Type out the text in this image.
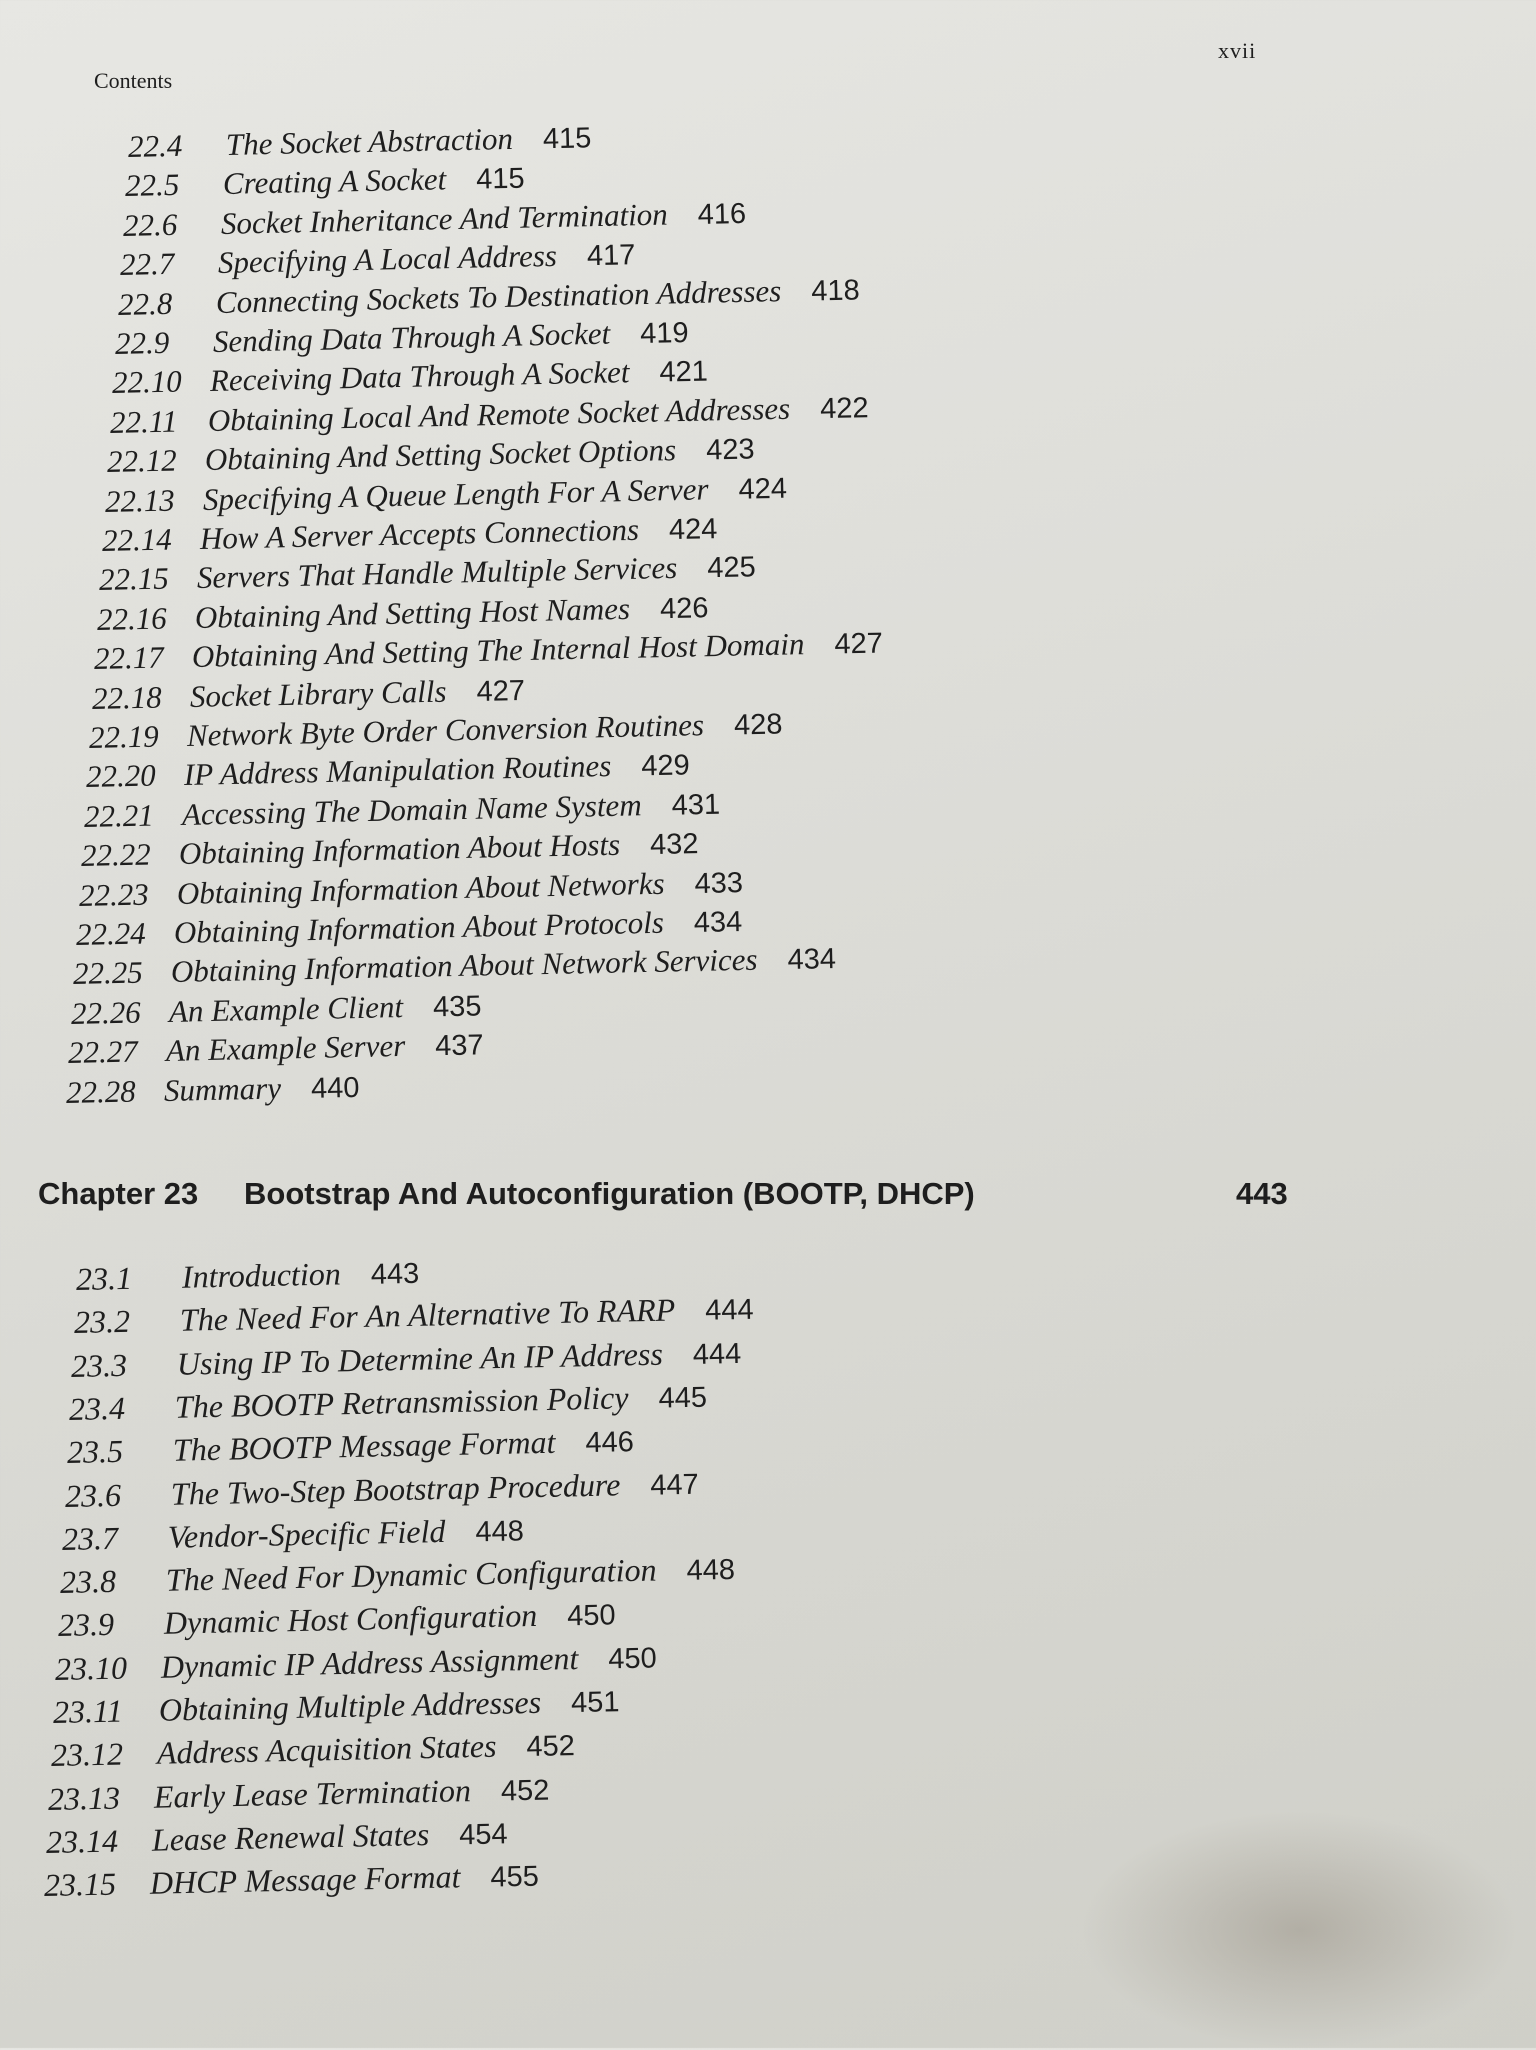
Contents
xvii
22.4 The Socket Abstraction 415
22.5 Creating A Socket 415
22.6 Socket Inheritance And Termination 416
22.7 Specifying A Local Address 417
22.8 Connecting Sockets To Destination Addresses 418
22.9 Sending Data Through A Socket 419
22.10 Receiving Data Through A Socket 421
22.11 Obtaining Local And Remote Socket Addresses 422
22.12 Obtaining And Setting Socket Options 423
22.13 Specifying A Queue Length For A Server 424
22.14 How A Server Accepts Connections 424
22.15 Servers That Handle Multiple Services 425
22.16 Obtaining And Setting Host Names 426
22.17 Obtaining And Setting The Internal Host Domain 427
22.18 Socket Library Calls 427
22.19 Network Byte Order Conversion Routines 428
22.20 IP Address Manipulation Routines 429
22.21 Accessing The Domain Name System 431
22.22 Obtaining Information About Hosts 432
22.23 Obtaining Information About Networks 433
22.24 Obtaining Information About Protocols 434
22.25 Obtaining Information About Network Services 434
22.26 An Example Client 435
22.27 An Example Server 437
22.28 Summary 440
Chapter 23 Bootstrap And Autoconfiguration (BOOTP, DHCP)	443
23.1 Introduction 443
23.2 The Need For An Alternative To RARP 444
23.3 Using IP To Determine An IP Address 444
23.4 The BOOTP Retransmission Policy 445
23.5 The BOOTP Message Format 446
23.6 The Two-Step Bootstrap Procedure 447
23.7 Vendor-Specific Field 448
23.8 The Need For Dynamic Configuration 448
23.9 Dynamic Host Configuration 450
23.10 Dynamic IP Address Assignment 450
23.11 Obtaining Multiple Addresses 451
23.12 Address Acquisition States 452
23.13 Early Lease Termination 452
23.14 Lease Renewal States 454
23.15 DHCP Message Format 455
